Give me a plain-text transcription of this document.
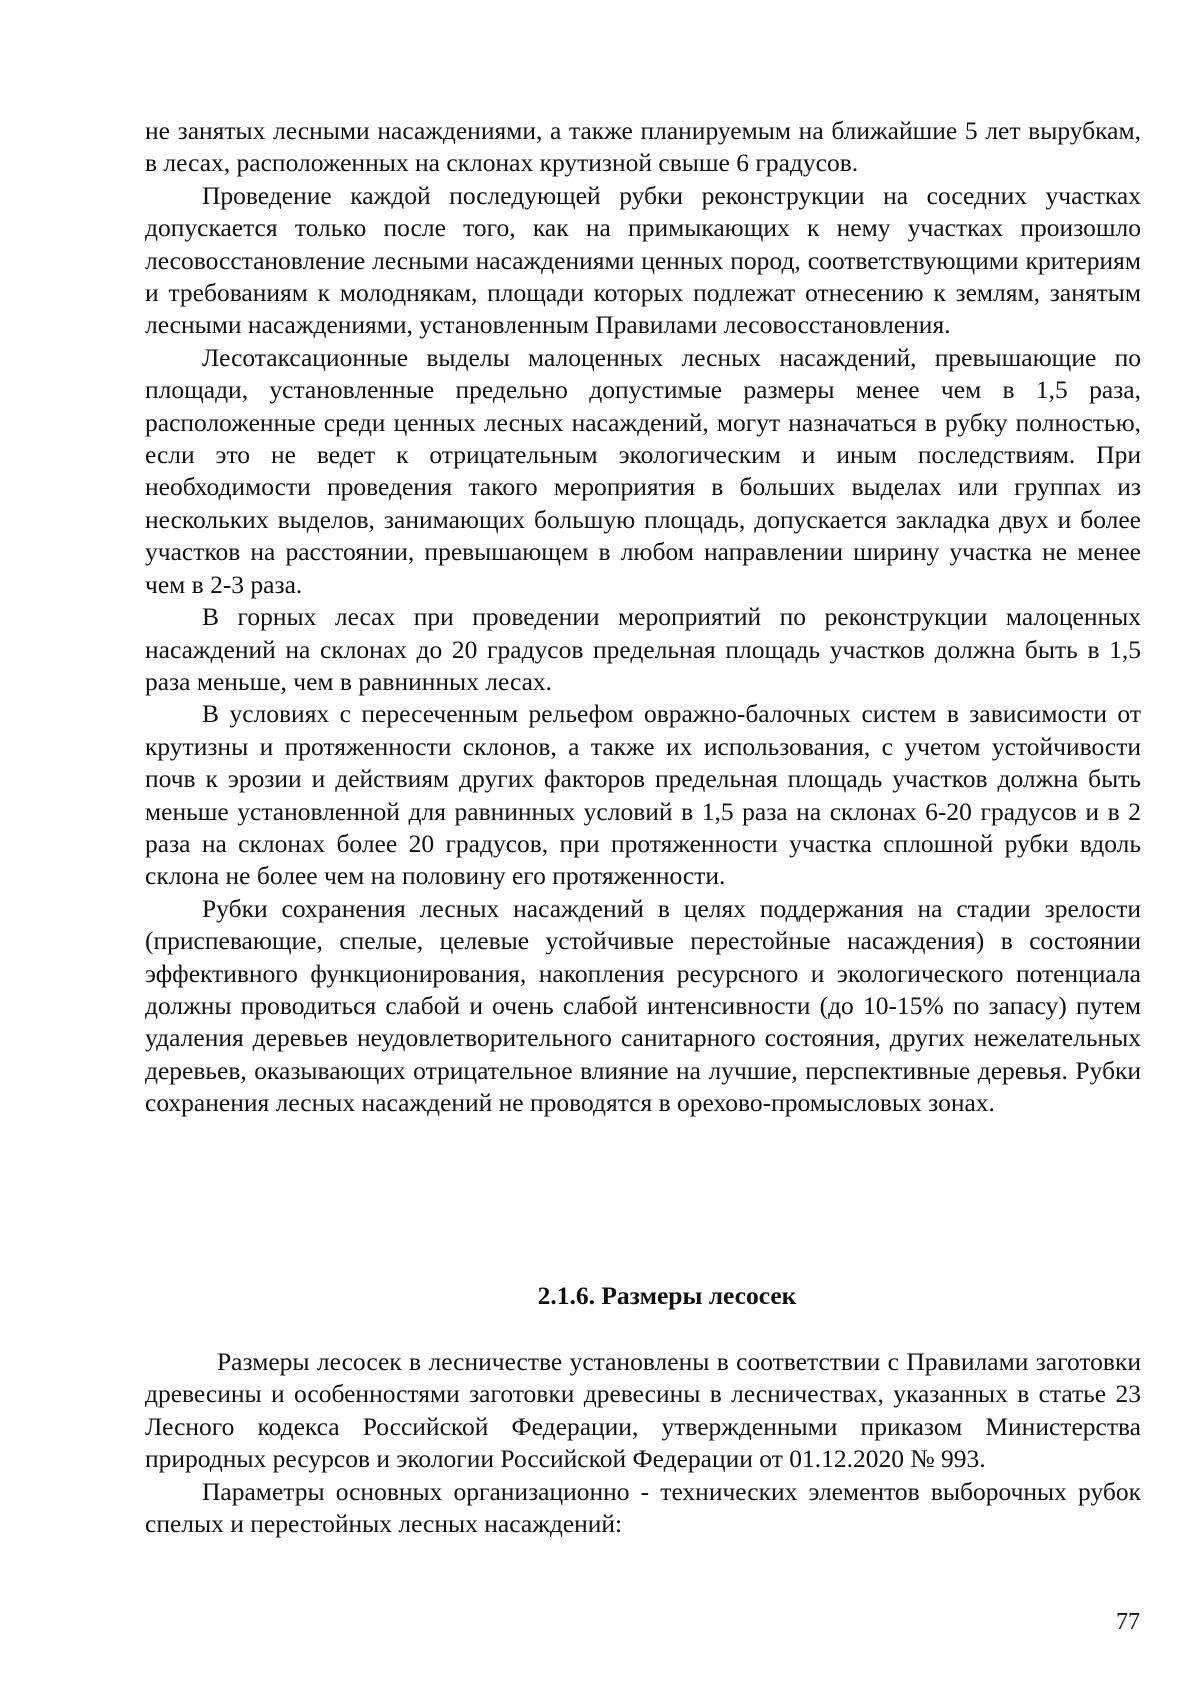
не занятых лесными насаждениями, а также планируемым на ближайшие 5 лет вырубкам, в лесах, расположенных на склонах крутизной свыше 6 градусов.

Проведение каждой последующей рубки реконструкции на соседних участках допускается только после того, как на примыкающих к нему участках произошло лесовосстановление лесными насаждениями ценных пород, соответствующими критериям и требованиям к молоднякам, площади которых подлежат отнесению к землям, занятым лесными насаждениями, установленным Правилами лесовосстановления.

Лесотаксационные выделы малоценных лесных насаждений, превышающие по площади, установленные предельно допустимые размеры менее чем в 1,5 раза, расположенные среди ценных лесных насаждений, могут назначаться в рубку полностью, если это не ведет к отрицательным экологическим и иным последствиям. При необходимости проведения такого мероприятия в больших выделах или группах из нескольких выделов, занимающих большую площадь, допускается закладка двух и более участков на расстоянии, превышающем в любом направлении ширину участка не менее чем в 2-3 раза.

В горных лесах при проведении мероприятий по реконструкции малоценных насаждений на склонах до 20 градусов предельная площадь участков должна быть в 1,5 раза меньше, чем в равнинных лесах.

В условиях с пересеченным рельефом овражно-балочных систем в зависимости от крутизны и протяженности склонов, а также их использования, с учетом устойчивости почв к эрозии и действиям других факторов предельная площадь участков должна быть меньше установленной для равнинных условий в 1,5 раза на склонах 6-20 градусов и в 2 раза на склонах более 20 градусов, при протяженности участка сплошной рубки вдоль склона не более чем на половину его протяженности.

Рубки сохранения лесных насаждений в целях поддержания на стадии зрелости (приспевающие, спелые, целевые устойчивые перестойные насаждения) в состоянии эффективного функционирования, накопления ресурсного и экологического потенциала должны проводиться слабой и очень слабой интенсивности (до 10-15% по запасу) путем удаления деревьев неудовлетворительного санитарного состояния, других нежелательных деревьев, оказывающих отрицательное влияние на лучшие, перспективные деревья. Рубки сохранения лесных насаждений не проводятся в орехово-промысловых зонах.

2.1.6. Размеры лесосек

Размеры лесосек в лесничестве установлены в соответствии с Правилами заготовки древесины и особенностями заготовки древесины в лесничествах, указанных в статье 23 Лесного кодекса Российской Федерации, утвержденными приказом Министерства природных ресурсов и экологии Российской Федерации от 01.12.2020 № 993.

Параметры основных организационно - технических элементов выборочных рубок спелых и перестойных лесных насаждений:

77
